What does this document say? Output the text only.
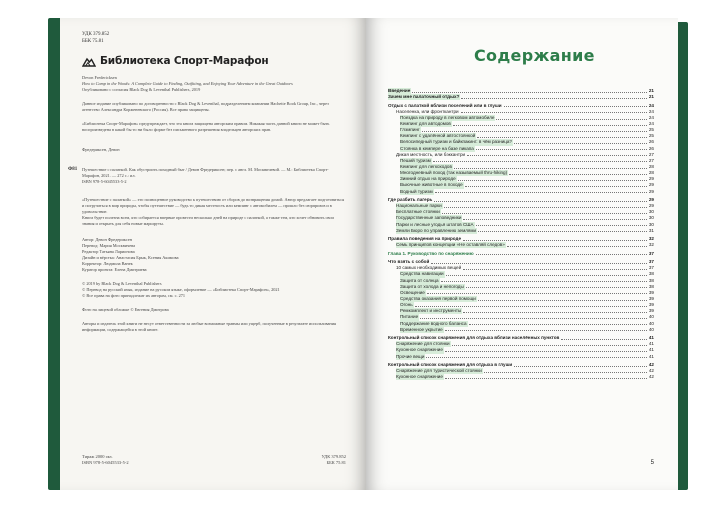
УДК 379.852
ББК 75.81
Библиотека Спорт-Марафон
Devon Fredericksen
How to Camp in the Woods: A Complete Guide to Finding, Outfitting, and Enjoying Your Adventure in the Great Outdoors
Опубликовано с согласия Black Dog & Leventhal Publishers, 2019
Данное издание опубликовано по договоренности с Black Dog & Leventhal, подразделением компании Hachette Book Group, Inc., через агентство Александра Корженевского (Россия). Все права защищены.
«Библиотека Спорт-Марафон» предупреждает, что эта книга защищена авторским правом. Никакая часть данной книги не может быть воспроизведена в какой бы то ни было форме без письменного разрешения владельцев авторских прав.
Фредериксен, Девон
Ф81 Путешествие с палаткой. Как обустроить походный быт / Девон Фредериксен; пер. с англ. М. Москвичевой. — М.: Библиотека Спорт-Марафон, 2021. — 272 с.: ил.
ISBN 978-5-6045533-5-2
«Путешествие с палаткой» — это полноценное руководство к путешествию от сборов до возвращения домой. Автор предлагает подготовиться и погрузиться в мир природы, чтобы путешествие — будь то дикая местность или кемпинг с автомобилем — прошло без сюрпризов и в удовольствие.
Книга будет полезна всем, кто собирается впервые провести несколько дней на природе с палаткой, а также тем, кто хочет обновить свои знания и открыть для себя новые маршруты.
Автор: Девон Фредериксен
Перевод: Мария Москвичева
Редактор Татьяна Ларионова
Дизайн и вёрстка: Анастасия Брык, Ксения Акимова
Корректор: Людмила Ванек
Куратор проекта: Елена Дмитриева
© 2019 by Black Dog & Leventhal Publishers
© Перевод на русский язык, издание на русском языке, оформление — «Библиотека Спорт-Марафон», 2021
© Все права на фото принадлежат их авторам, см. с. 271
Фото на лицевой обложке © Евгения Дмитрова
Авторы и издатель этой книги не несут ответственности за любые возможные травмы или ущерб, полученные в результате использования информации, содержащейся в этой книге.
Тираж 2000 экз.
ISBN 978-5-6045533-5-2
УДК 379.852
ББК 75.81
Содержание
Введение	21
Зачем мне палаточный отдых?	21
Отдых с палаткой вблизи поселений или в глуши	24
Населенка, или фронткантри	24
Поездка на природу в легковом автомобиле	24
Кемпинг для автодомов	24
Глэмпинг	25
Кемпинг с удалённой автостоянкой	25
Велосипедный туризм и байкпакинг: в чём разница?	26
Стоянка в кемпере на базе пикапа	26
Дикая местность, или бэккантри	27
Пеший туризм	27
Кемпинг для легкоходов	28
Многодневный поход (так называемый thru-hiking)	28
Зимний отдых на природе	29
Выючные животные в походе	29
Водный туризм	29
Где разбить лагерь	29
Национальные парки	29
Бесплатные стоянки	30
Государственные заповедники	30
Парки и лесные угодья штатов США	30
Земли Бюро по управлению землями	31
Правила поведения на природе	32
Семь принципов концепции «Не оставляй следов»	32
Глава 1. Руководство по снаряжению	37
Что взять с собой	37
10 самых необходимых вещей	37
Средства навигации	38
Защита от солнца	38
Защита от холода и непогоды	38
Освещение	39
Средства оказания первой помощи	39
Огонь	39
Ремкомплект и инструменты	39
Питание	40
Поддержание водного баланса	40
Временное укрытие	40
Контрольный список снаряжения для отдыха вблизи населённых пунктов	41
Снаряжение для стоянки	41
Кухонное снаряжение	41
Прочие вещи	41
Контрольный список снаряжения для отдыха в глуши	42
Снаряжение для туристической стоянки	42
Кухонное снаряжение	42
5
